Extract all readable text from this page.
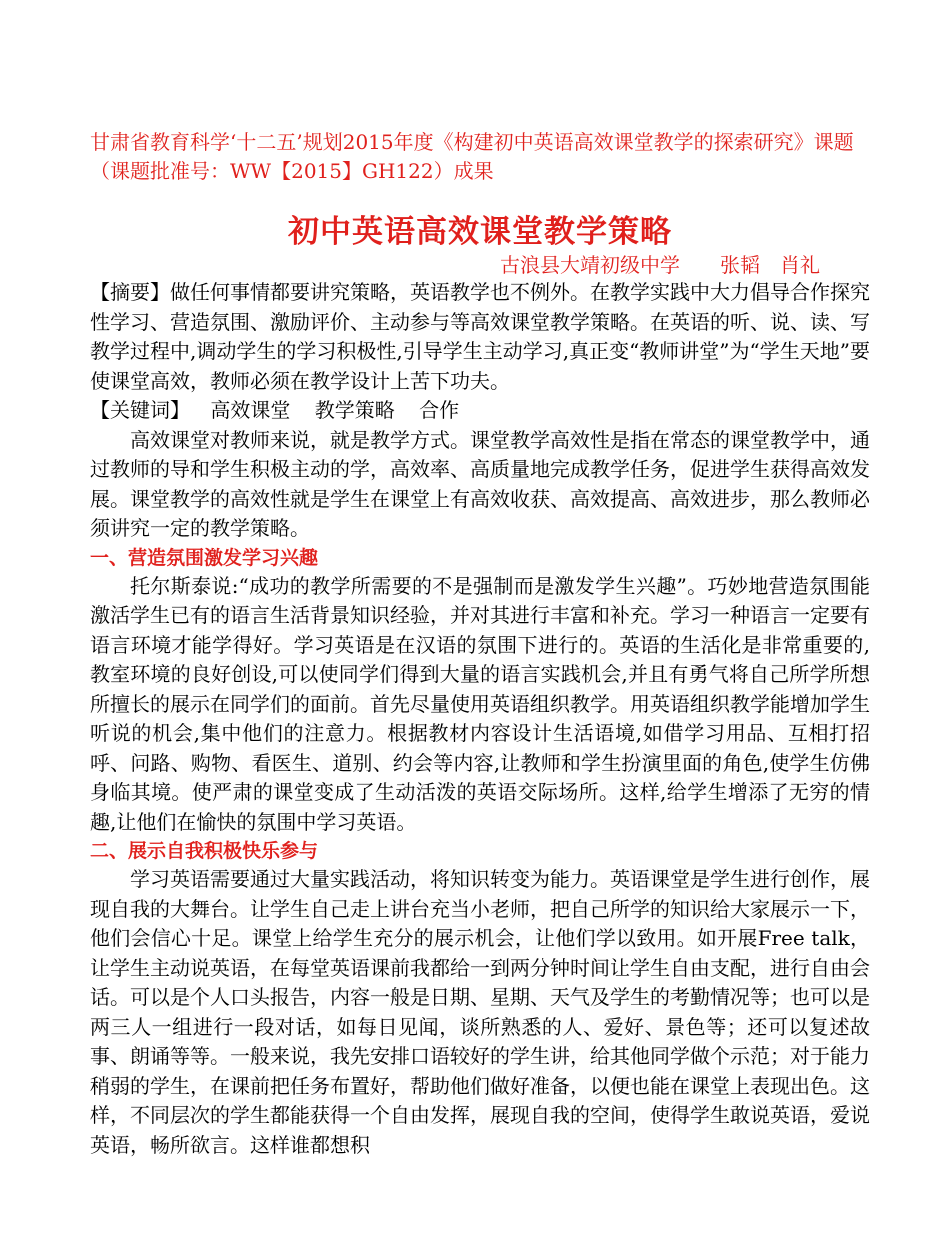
甘肃省教育科学‘十二五’规划2015年度《构建初中英语高效课堂教学的探索研究》课题（课题批准号：WW【2015】GH122）成果
初中英语高效课堂教学策略
古浪县大靖初级中学　　张韬　肖礼

【摘要】做任何事情都要讲究策略，英语教学也不例外。在教学实践中大力倡导合作探究性学习、营造氛围、激励评价、主动参与等高效课堂教学策略。在英语的听、说、读、写教学过程中,调动学生的学习积极性,引导学生主动学习,真正变“教师讲堂”为“学生天地”要使课堂高效，教师必须在教学设计上苦下功夫。

【关键词】 高效课堂 教学策略 合作

高效课堂对教师来说，就是教学方式。课堂教学高效性是指在常态的课堂教学中，通过教师的导和学生积极主动的学，高效率、高质量地完成教学任务，促进学生获得高效发展。课堂教学的高效性就是学生在课堂上有高效收获、高效提高、高效进步，那么教师必须讲究一定的教学策略。

一、营造氛围激发学习兴趣

托尔斯泰说:“成功的教学所需要的不是强制而是激发学生兴趣”。巧妙地营造氛围能激活学生已有的语言生活背景知识经验，并对其进行丰富和补充。学习一种语言一定要有语言环境才能学得好。学习英语是在汉语的氛围下进行的。英语的生活化是非常重要的,教室环境的良好创设,可以使同学们得到大量的语言实践机会,并且有勇气将自己所学所想所擅长的展示在同学们的面前。首先尽量使用英语组织教学。用英语组织教学能增加学生听说的机会,集中他们的注意力。根据教材内容设计生活语境,如借学习用品、互相打招呼、问路、购物、看医生、道别、约会等内容,让教师和学生扮演里面的角色,使学生仿佛身临其境。使严肃的课堂变成了生动活泼的英语交际场所。这样,给学生增添了无穷的情趣,让他们在愉快的氛围中学习英语。

二、展示自我积极快乐参与

学习英语需要通过大量实践活动，将知识转变为能力。英语课堂是学生进行创作，展现自我的大舞台。让学生自己走上讲台充当小老师，把自己所学的知识给大家展示一下，他们会信心十足。课堂上给学生充分的展示机会，让他们学以致用。如开展Free talk，让学生主动说英语，在每堂英语课前我都给一到两分钟时间让学生自由支配，进行自由会话。可以是个人口头报告，内容一般是日期、星期、天气及学生的考勤情况等；也可以是两三人一组进行一段对话，如每日见闻，谈所熟悉的人、爱好、景色等；还可以复述故事、朗诵等等。一般来说，我先安排口语较好的学生讲，给其他同学做个示范；对于能力稍弱的学生，在课前把任务布置好，帮助他们做好准备，以便也能在课堂上表现出色。这样，不同层次的学生都能获得一个自由发挥，展现自我的空间，使得学生敢说英语，爱说英语，畅所欲言。这样谁都想积
